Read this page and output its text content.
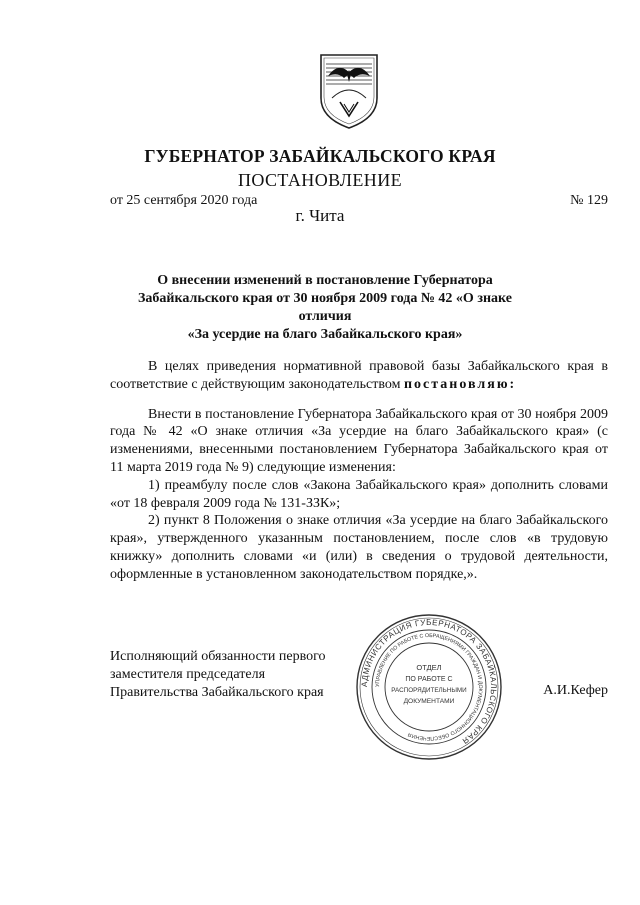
ГУБЕРНАТОР ЗАБАЙКАЛЬСКОГО КРАЯ
ПОСТАНОВЛЕНИЕ
от 25 сентября 2020 года	№ 129
г. Чита
О внесении изменений в постановление Губернатора
Забайкальского края от 30 ноября 2009 года № 42 «О знаке отличия
«За усердие на благо Забайкальского края»

В целях приведения нормативной правовой базы Забайкальского края в соответствие с действующим законодательством постановляю:

Внести в постановление Губернатора Забайкальского края от 30 ноября 2009 года № 42 «О знаке отличия «За усердие на благо Забайкальского края» (с изменениями, внесенными постановлением Губернатора Забайкальского края от 11 марта 2019 года № 9) следующие изменения:

1) преамбулу после слов «Закона Забайкальского края» дополнить словами «от 18 февраля 2009 года № 131-ЗЗК»;

2) пункт 8 Положения о знаке отличия «За усердие на благо Забайкальского края», утвержденного указанным постановлением, после слов «в трудовую книжку» дополнить словами «и (или) в сведения о трудовой деятельности, оформленные в установленном законодательством порядке,».

Исполняющий обязанности первого
заместителя председателя
Правительства Забайкальского края	А.И.Кефер
АДМИНИСТРАЦИЯ ГУБЕРНАТОРА ЗАБАЙКАЛЬСКОГО КРАЯ
УПРАВЛЕНИЕ ПО РАБОТЕ С ОБРАЩЕНИЯМИ ГРАЖДАН И ДОКУМЕНТАЦИОННОГО ОБЕСПЕЧЕНИЯ
ОТДЕЛ
ПО РАБОТЕ С
РАСПОРЯДИТЕЛЬНЫМИ
ДОКУМЕНТАМИ
